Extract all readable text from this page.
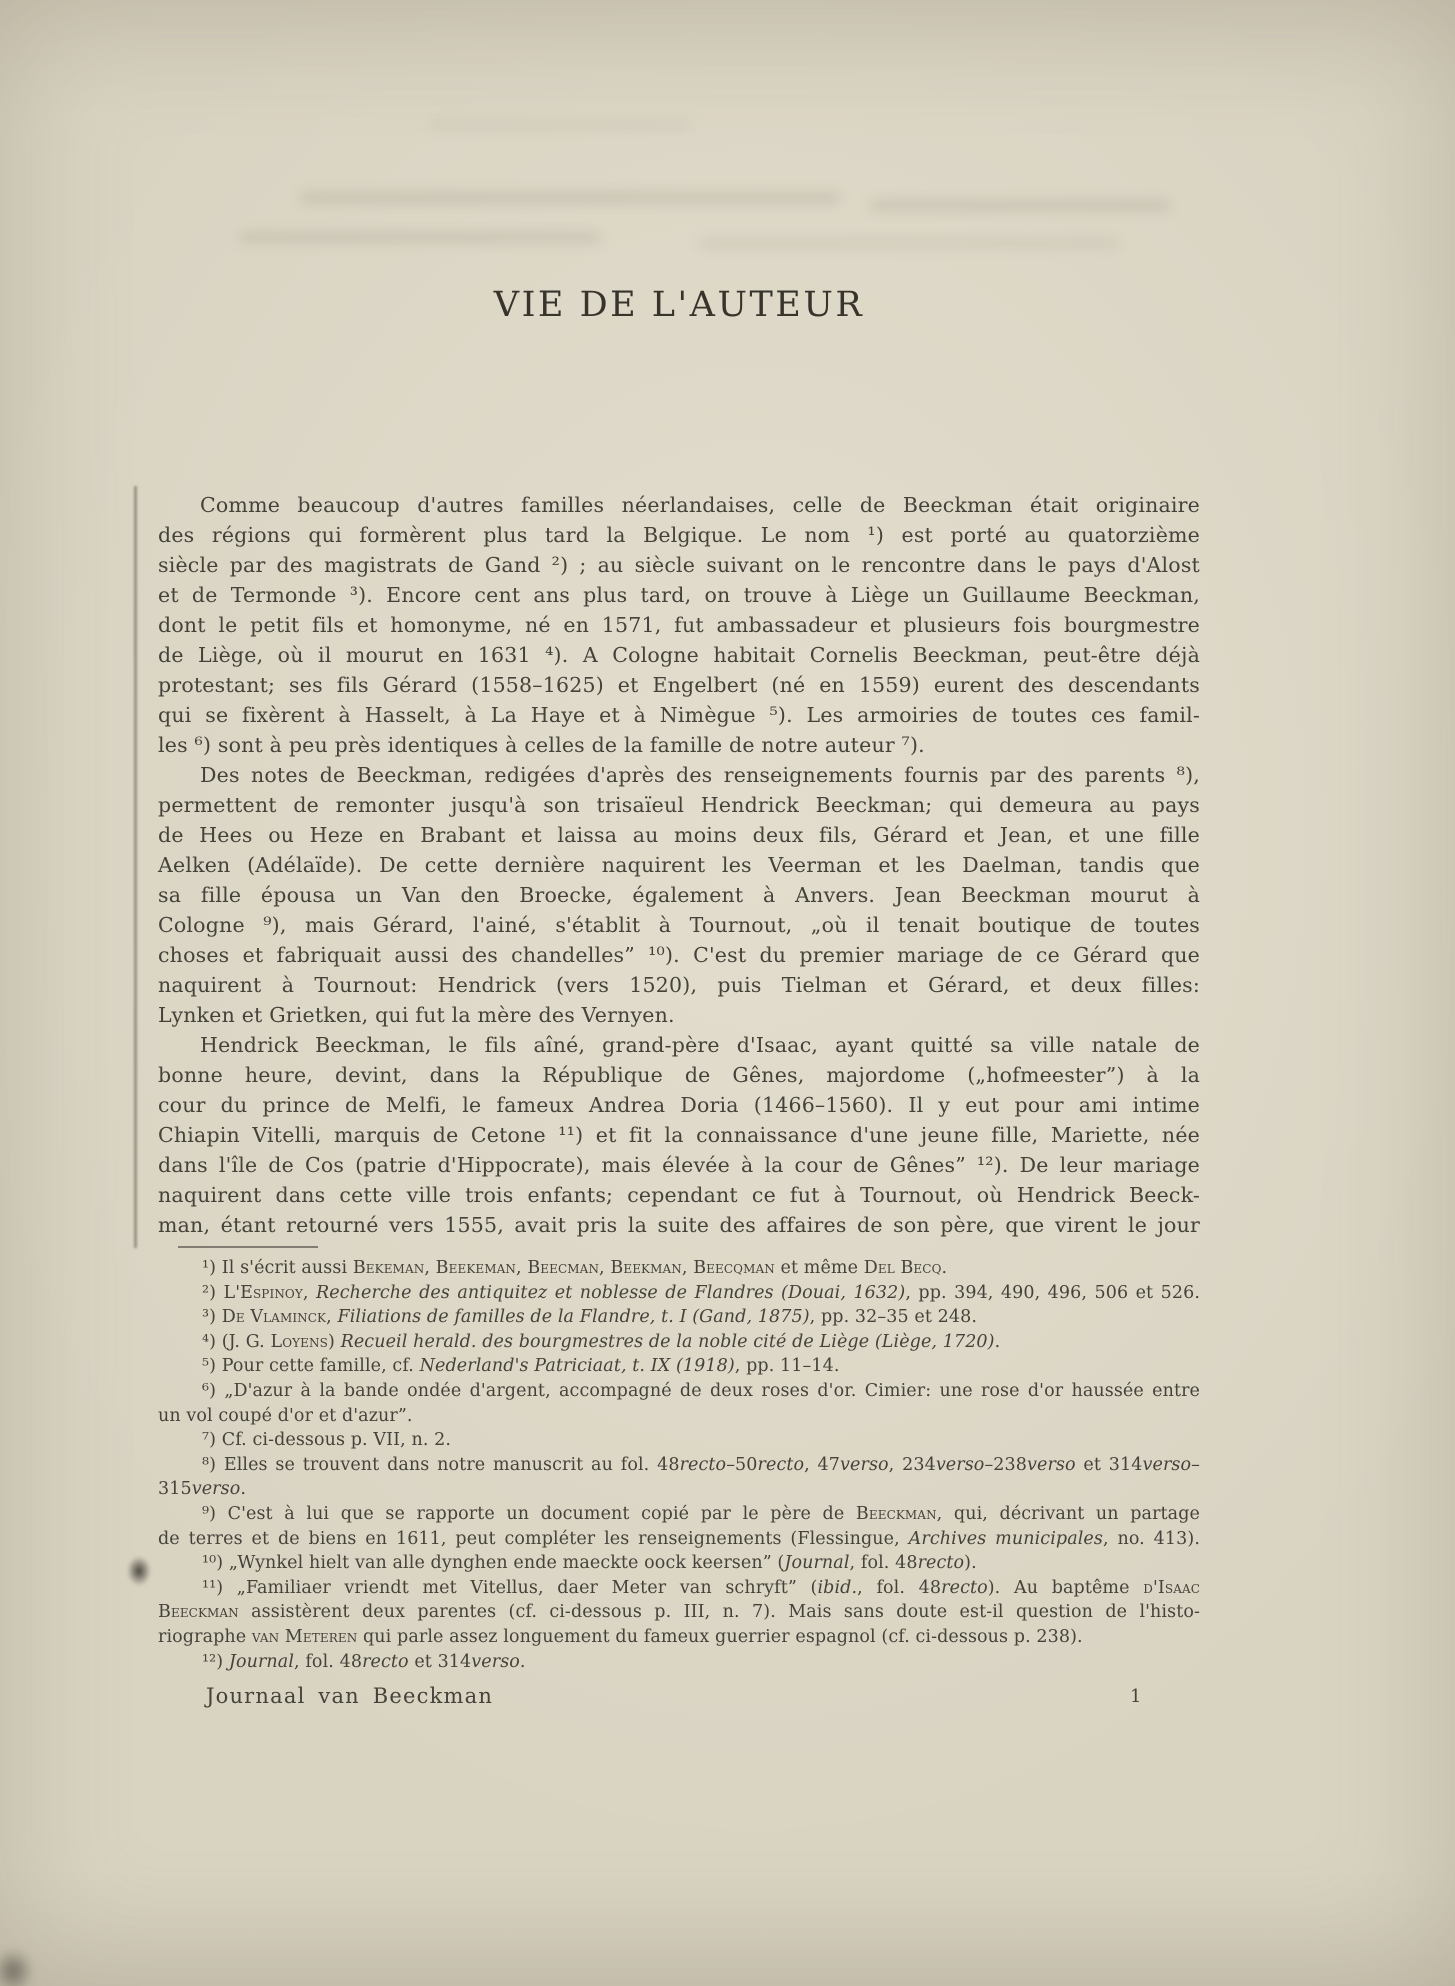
VIE DE L'AUTEUR
Comme beaucoup d'autres familles néerlandaises, celle de Beeckman était originaire
des régions qui formèrent plus tard la Belgique. Le nom ¹) est porté au quatorzième
siècle par des magistrats de Gand ²) ; au siècle suivant on le rencontre dans le pays d'Alost
et de Termonde ³). Encore cent ans plus tard, on trouve à Liège un Guillaume Beeckman,
dont le petit fils et homonyme, né en 1571, fut ambassadeur et plusieurs fois bourgmestre
de Liège, où il mourut en 1631 ⁴). A Cologne habitait Cornelis Beeckman, peut-être déjà
protestant; ses fils Gérard (1558–1625) et Engelbert (né en 1559) eurent des descendants
qui se fixèrent à Hasselt, à La Haye et à Nimègue ⁵). Les armoiries de toutes ces famil-
les ⁶) sont à peu près identiques à celles de la famille de notre auteur ⁷).
Des notes de Beeckman, redigées d'après des renseignements fournis par des parents ⁸),
permettent de remonter jusqu'à son trisaïeul Hendrick Beeckman; qui demeura au pays
de Hees ou Heze en Brabant et laissa au moins deux fils, Gérard et Jean, et une fille
Aelken (Adélaïde). De cette dernière naquirent les Veerman et les Daelman, tandis que
sa fille épousa un Van den Broecke, également à Anvers. Jean Beeckman mourut à
Cologne ⁹), mais Gérard, l'ainé, s'établit à Tournout, „où il tenait boutique de toutes
choses et fabriquait aussi des chandelles” ¹⁰). C'est du premier mariage de ce Gérard que
naquirent à Tournout: Hendrick (vers 1520), puis Tielman et Gérard, et deux filles:
Lynken et Grietken, qui fut la mère des Vernyen.
Hendrick Beeckman, le fils aîné, grand-père d'Isaac, ayant quitté sa ville natale de
bonne heure, devint, dans la République de Gênes, majordome („hofmeester”) à la
cour du prince de Melfi, le fameux Andrea Doria (1466–1560). Il y eut pour ami intime
Chiapin Vitelli, marquis de Cetone ¹¹) et fit la connaissance d'une jeune fille, Mariette, née
dans l'île de Cos (patrie d'Hippocrate), mais élevée à la cour de Gênes” ¹²). De leur mariage
naquirent dans cette ville trois enfants; cependant ce fut à Tournout, où Hendrick Beeck-
man, étant retourné vers 1555, avait pris la suite des affaires de son père, que virent le jour
¹) Il s'écrit aussi Bekeman, Beekeman, Beecman, Beekman, Beecqman et même Del Becq.
²) L'Espinoy, Recherche des antiquitez et noblesse de Flandres (Douai, 1632), pp. 394, 490, 496, 506 et 526.
³) De Vlaminck, Filiations de familles de la Flandre, t. I (Gand, 1875), pp. 32–35 et 248.
⁴) (J. G. Loyens) Recueil herald. des bourgmestres de la noble cité de Liège (Liège, 1720).
⁵) Pour cette famille, cf. Nederland's Patriciaat, t. IX (1918), pp. 11–14.
⁶) „D'azur à la bande ondée d'argent, accompagné de deux roses d'or. Cimier: une rose d'or haussée entre
un vol coupé d'or et d'azur”.
⁷) Cf. ci-dessous p. VII, n. 2.
⁸) Elles se trouvent dans notre manuscrit au fol. 48recto–50recto, 47verso, 234verso–238verso et 314verso–
315verso.
⁹) C'est à lui que se rapporte un document copié par le père de Beeckman, qui, décrivant un partage
de terres et de biens en 1611, peut compléter les renseignements (Flessingue, Archives municipales, no. 413).
¹⁰) „Wynkel hielt van alle dynghen ende maeckte oock keersen” (Journal, fol. 48recto).
¹¹) „Familiaer vriendt met Vitellus, daer Meter van schryft” (ibid., fol. 48recto). Au baptême d'Isaac
Beeckman assistèrent deux parentes (cf. ci-dessous p. III, n. 7). Mais sans doute est-il question de l'histo-
riographe van Meteren qui parle assez longuement du fameux guerrier espagnol (cf. ci-dessous p. 238).
¹²) Journal, fol. 48recto et 314verso.
Journaal van Beeckman	1
